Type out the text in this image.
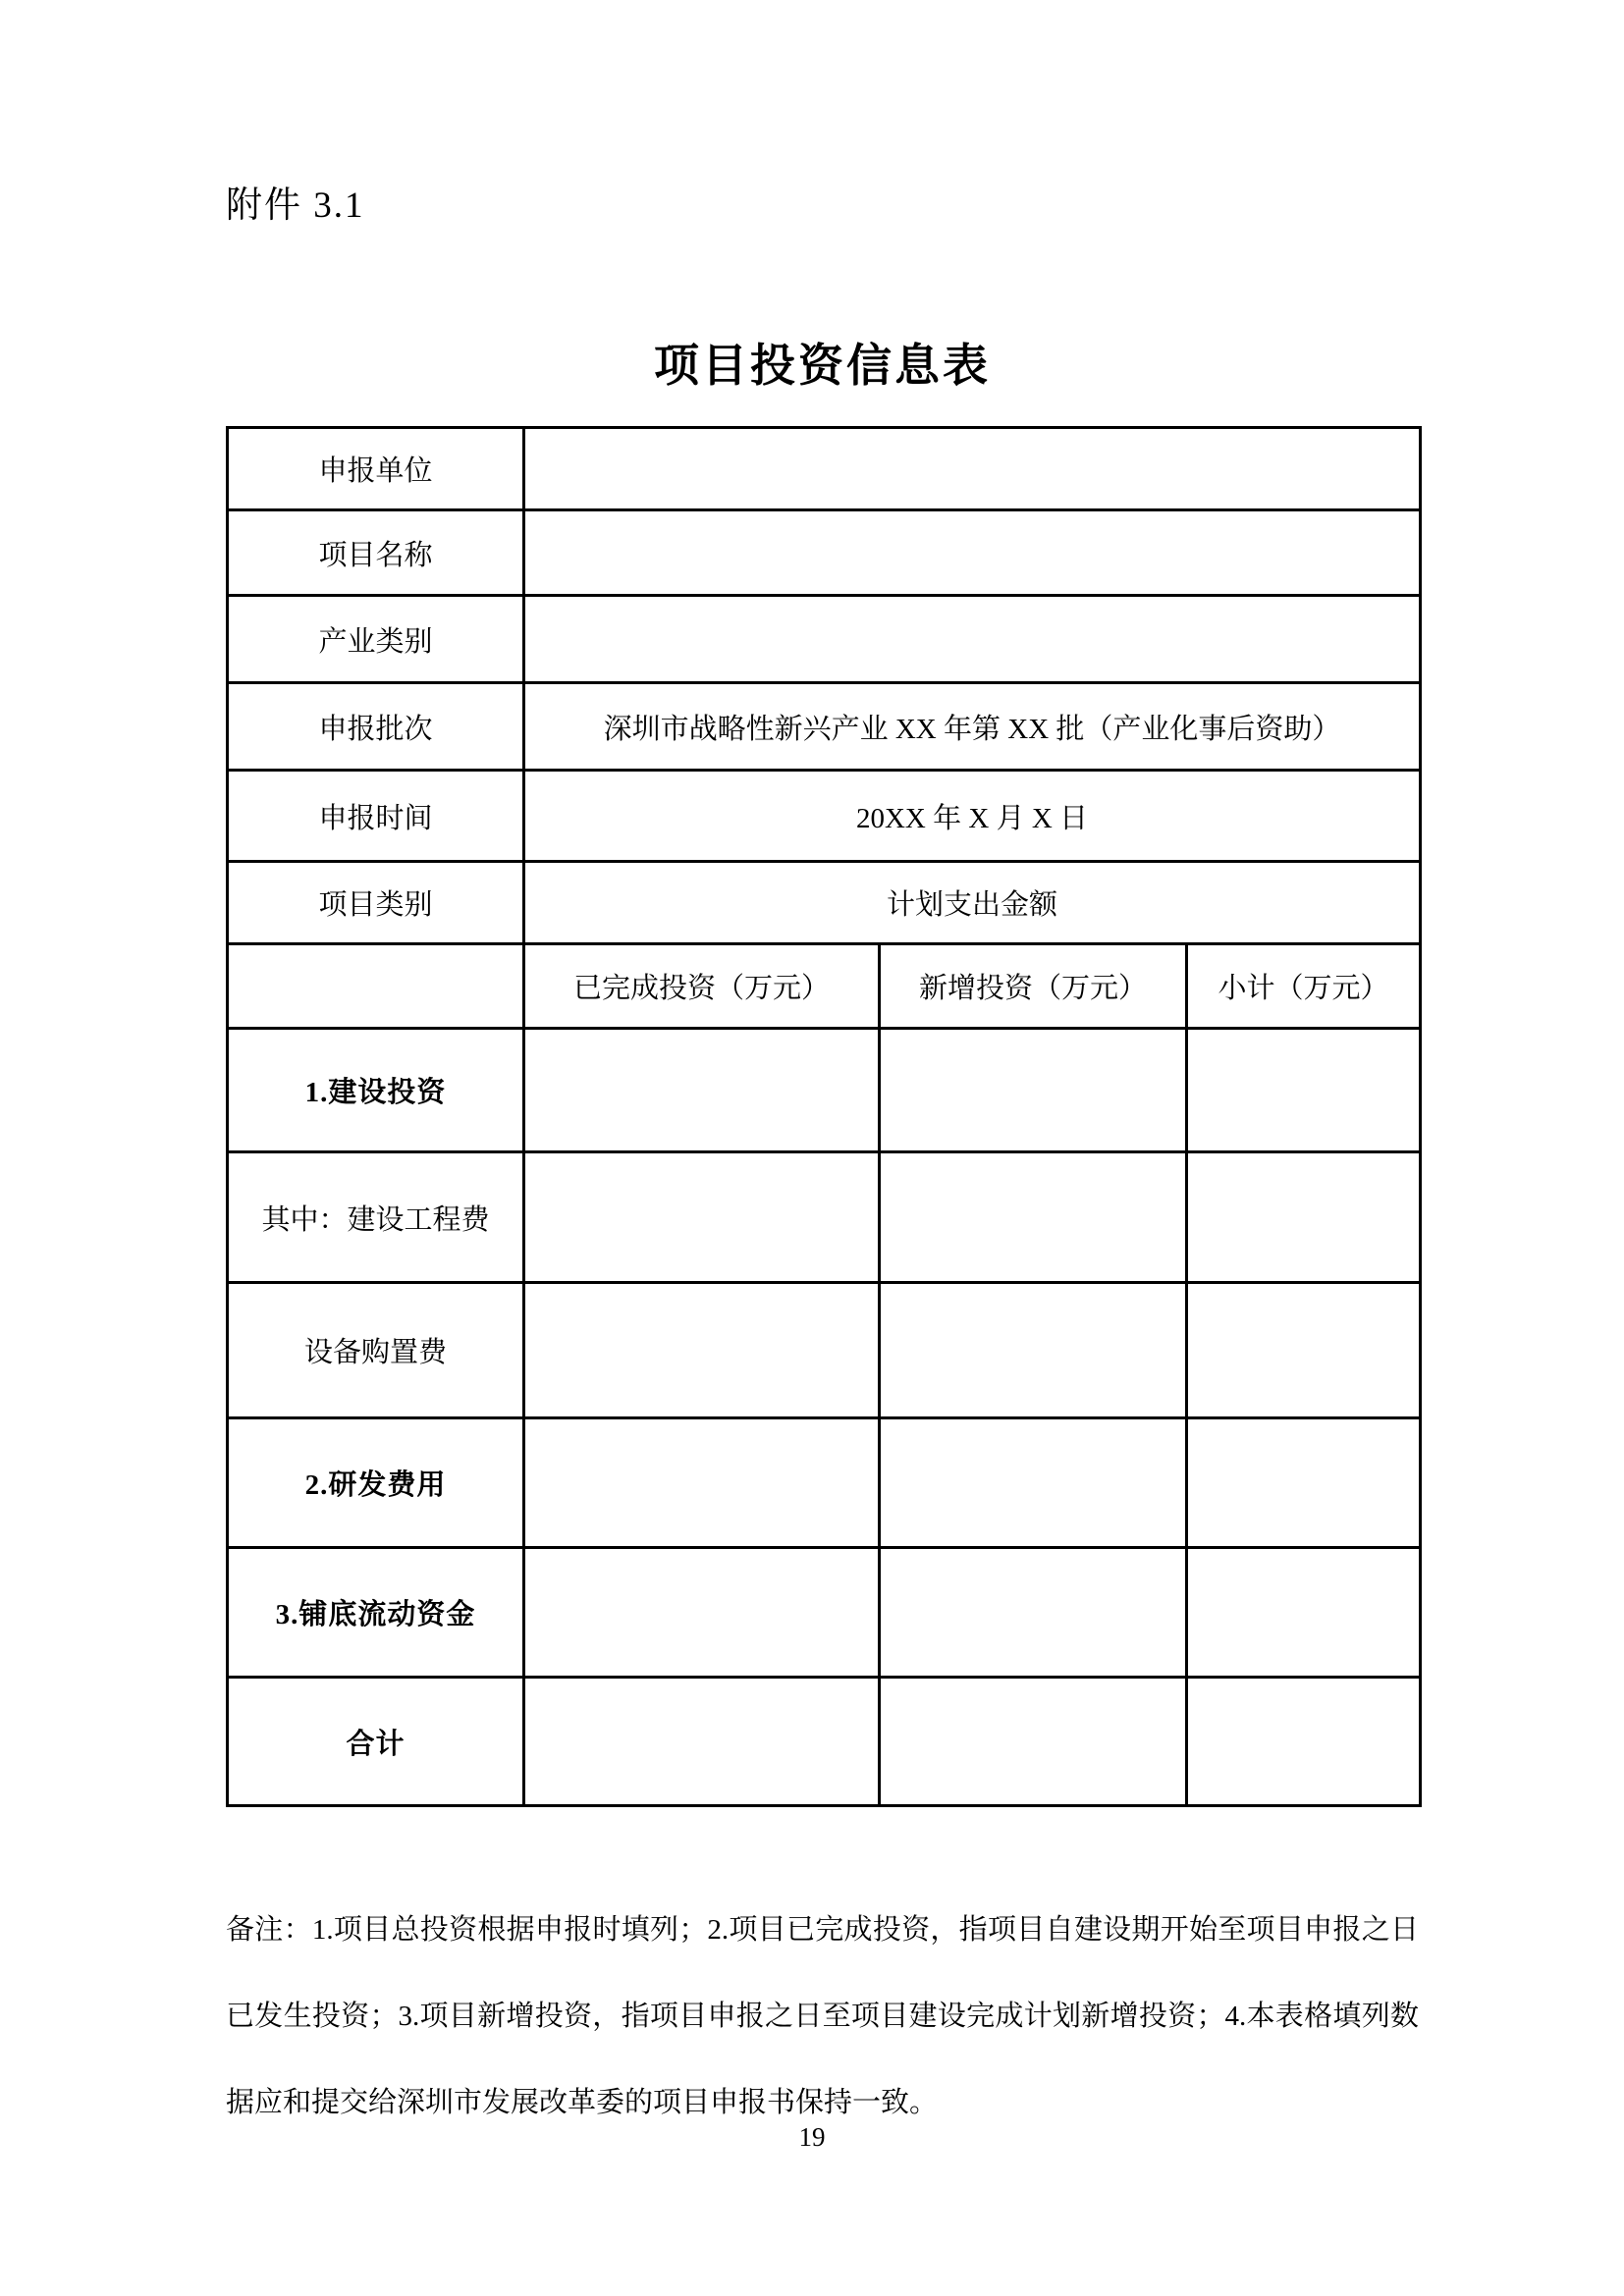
附件 3.1
项目投资信息表
申报单位			
项目名称			
产业类别			
申报批次	深圳市战略性新兴产业 XX 年第 XX 批（产业化事后资助）		
申报时间	20XX 年 X 月 X 日		
项目类别	计划支出金额		
	已完成投资（万元）	新增投资（万元）	小计（万元）
1.建设投资			
其中：建设工程费			
设备购置费			
2.研发费用			
3.铺底流动资金			
合计			

备注：1.项目总投资根据申报时填列；2.项目已完成投资，指项目自建设期开始至项目申报之日

已发生投资；3.项目新增投资，指项目申报之日至项目建设完成计划新增投资；4.本表格填列数

据应和提交给深圳市发展改革委的项目申报书保持一致。

19
